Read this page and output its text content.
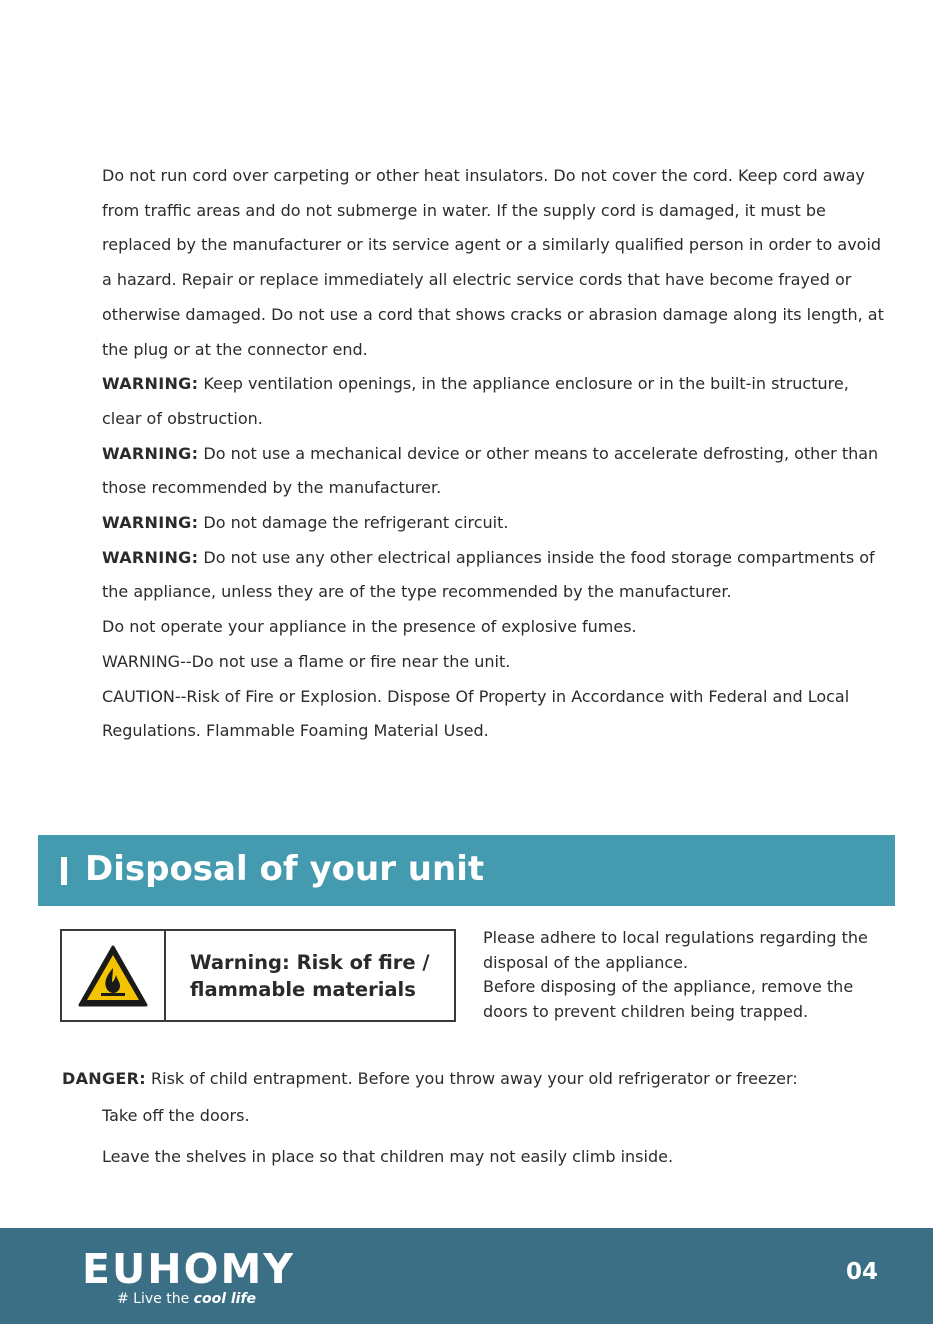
Do not run cord over carpeting or other heat insulators. Do not cover the cord. Keep cord away from traffic areas and do not submerge in water. If the supply cord is damaged, it must be replaced by the manufacturer or its service agent or a similarly qualified person in order to avoid a hazard. Repair or replace immediately all electric service cords that have become frayed or otherwise damaged. Do not use a cord that shows cracks or abrasion damage along its length, at the plug or at the connector end.

WARNING: Keep ventilation openings, in the appliance enclosure or in the built-in structure, clear of obstruction.

WARNING: Do not use a mechanical device or other means to accelerate defrosting, other than those recommended by the manufacturer.

WARNING: Do not damage the refrigerant circuit.

WARNING: Do not use any other electrical appliances inside the food storage compartments of the appliance, unless they are of the type recommended by the manufacturer.

Do not operate your appliance in the presence of explosive fumes.

WARNING--Do not use a flame or fire near the unit.

CAUTION--Risk of Fire or Explosion. Dispose Of Property in Accordance with Federal and Local Regulations. Flammable Foaming Material Used.

Disposal of your unit
Warning: Risk of fire /
flammable materials

Please adhere to local regulations regarding the disposal of the appliance.

Before disposing of the appliance, remove the doors to prevent children being trapped.

DANGER: Risk of child entrapment. Before you throw away your old refrigerator or freezer:
Take off the doors.
Leave the shelves in place so that children may not easily climb inside.
EUHOMY
# Live the cool life
04
